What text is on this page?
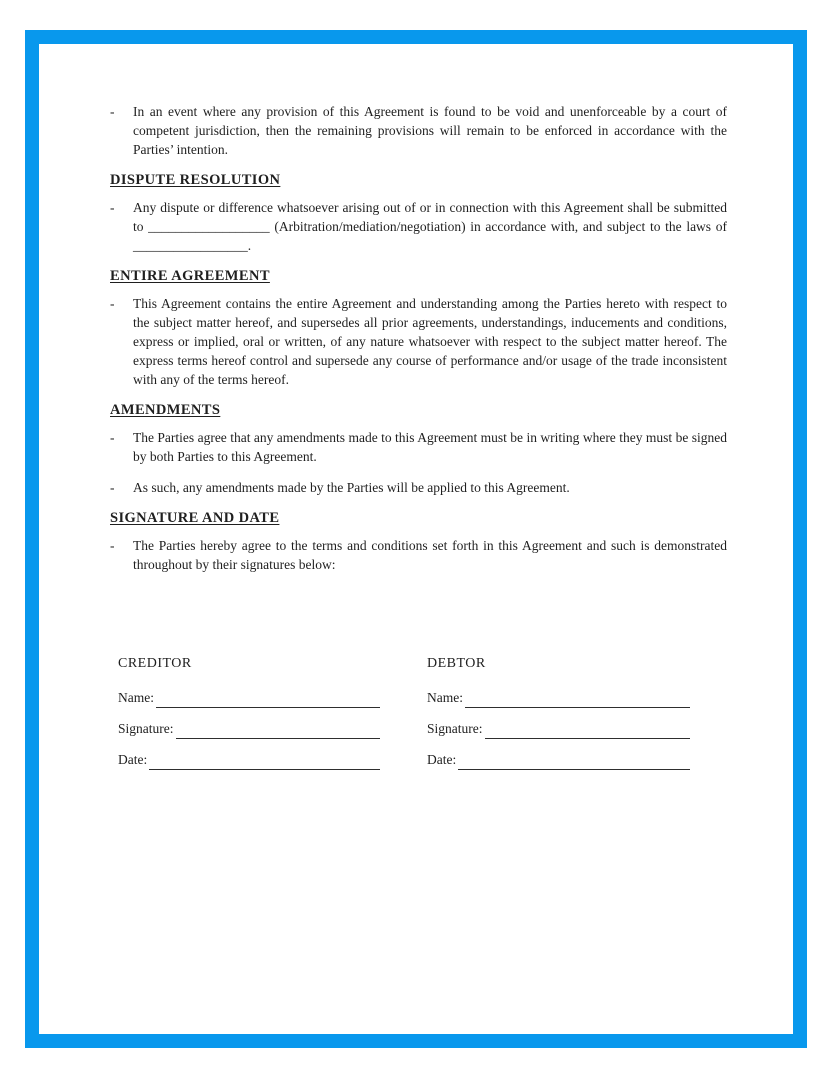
-	In an event where any provision of this Agreement is found to be void and unenforceable by a court of competent jurisdiction, then the remaining provisions will remain to be enforced in accordance with the Parties’ intention.

DISPUTE RESOLUTION
-	Any dispute or difference whatsoever arising out of or in connection with this Agreement shall be submitted to __________________ (Arbitration/mediation/negotiation) in accordance with, and subject to the laws of _________________.

ENTIRE AGREEMENT
-	This Agreement contains the entire Agreement and understanding among the Parties hereto with respect to the subject matter hereof, and supersedes all prior agreements, understandings, inducements and conditions, express or implied, oral or written, of any nature whatsoever with respect to the subject matter hereof. The express terms hereof control and supersede any course of performance and/or usage of the trade inconsistent with any of the terms hereof.

AMENDMENTS
-	The Parties agree that any amendments made to this Agreement must be in writing where they must be signed by both Parties to this Agreement.

-	As such, any amendments made by the Parties will be applied to this Agreement.

SIGNATURE AND DATE
-	The Parties hereby agree to the terms and conditions set forth in this Agreement and such is demonstrated throughout by their signatures below:

CREDITOR
Name:
Signature:
Date:
DEBTOR
Name:
Signature:
Date:
